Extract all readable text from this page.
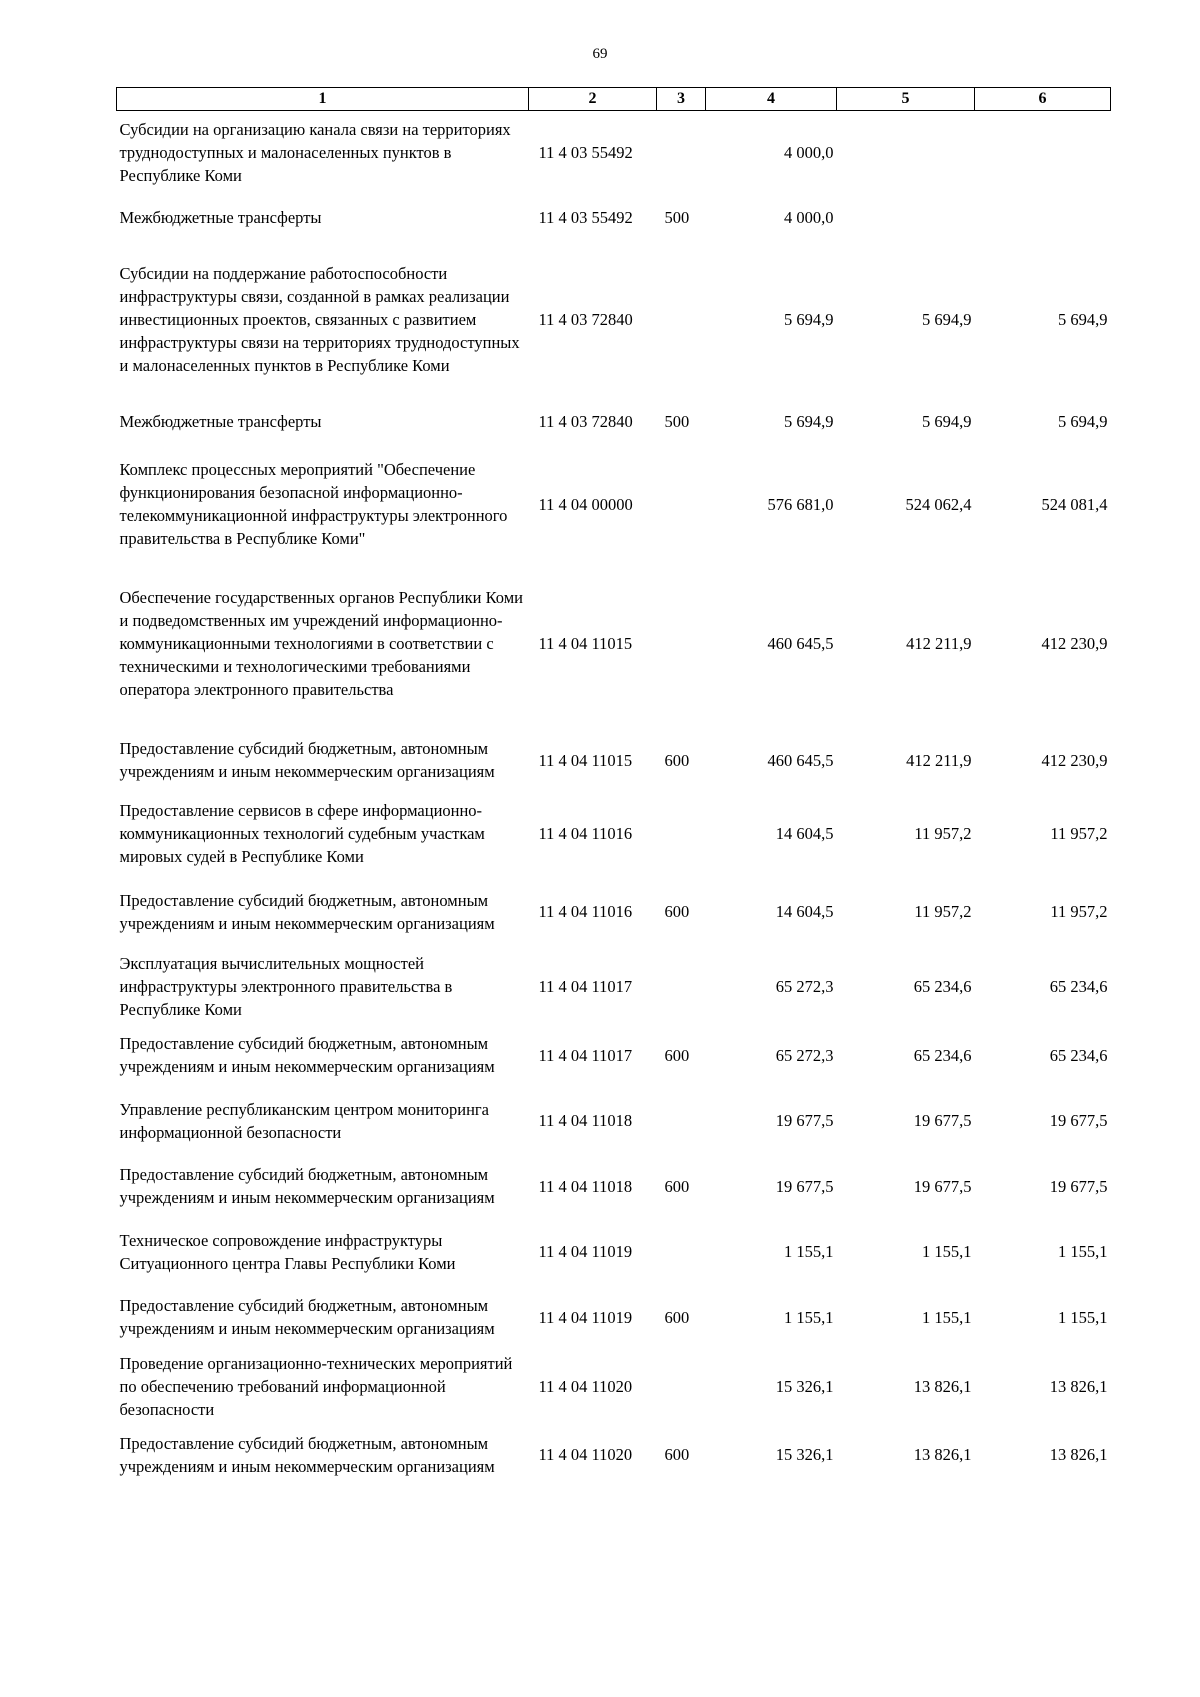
69
1	2	3	4	5	6
Субсидии на организацию канала связи на территориях труднодоступных и малонаселенных пунктов в Республике Коми	11 4 03 55492		4 000,0		
Межбюджетные трансферты	11 4 03 55492	500	4 000,0		
Субсидии на поддержание работоспособности инфраструктуры связи, созданной в рамках реализации инвестиционных проектов, связанных с развитием инфраструктуры связи на территориях труднодоступных и малонаселенных пунктов в Республике Коми	11 4 03 72840		5 694,9	5 694,9	5 694,9
Межбюджетные трансферты	11 4 03 72840	500	5 694,9	5 694,9	5 694,9
Комплекс процессных мероприятий "Обеспечение функционирования безопасной информационно-телекоммуникационной инфраструктуры электронного правительства в Республике Коми"	11 4 04 00000		576 681,0	524 062,4	524 081,4
Обеспечение государственных органов Республики Коми и подведомственных им учреждений информационно-коммуникационными технологиями в соответствии с техническими и технологическими требованиями оператора электронного правительства	11 4 04 11015		460 645,5	412 211,9	412 230,9
Предоставление субсидий бюджетным, автономным учреждениям и иным некоммерческим организациям	11 4 04 11015	600	460 645,5	412 211,9	412 230,9
Предоставление сервисов в сфере информационно-коммуникационных технологий судебным участкам мировых судей в Республике Коми	11 4 04 11016		14 604,5	11 957,2	11 957,2
Предоставление субсидий бюджетным, автономным учреждениям и иным некоммерческим организациям	11 4 04 11016	600	14 604,5	11 957,2	11 957,2
Эксплуатация вычислительных мощностей инфраструктуры электронного правительства в Республике Коми	11 4 04 11017		65 272,3	65 234,6	65 234,6
Предоставление субсидий бюджетным, автономным учреждениям и иным некоммерческим организациям	11 4 04 11017	600	65 272,3	65 234,6	65 234,6
Управление республиканским центром мониторинга информационной безопасности	11 4 04 11018		19 677,5	19 677,5	19 677,5
Предоставление субсидий бюджетным, автономным учреждениям и иным некоммерческим организациям	11 4 04 11018	600	19 677,5	19 677,5	19 677,5
Техническое сопровождение инфраструктуры Ситуационного центра Главы Республики Коми	11 4 04 11019		1 155,1	1 155,1	1 155,1
Предоставление субсидий бюджетным, автономным учреждениям и иным некоммерческим организациям	11 4 04 11019	600	1 155,1	1 155,1	1 155,1
Проведение организационно-технических мероприятий по обеспечению требований информационной безопасности	11 4 04 11020		15 326,1	13 826,1	13 826,1
Предоставление субсидий бюджетным, автономным учреждениям и иным некоммерческим организациям	11 4 04 11020	600	15 326,1	13 826,1	13 826,1
